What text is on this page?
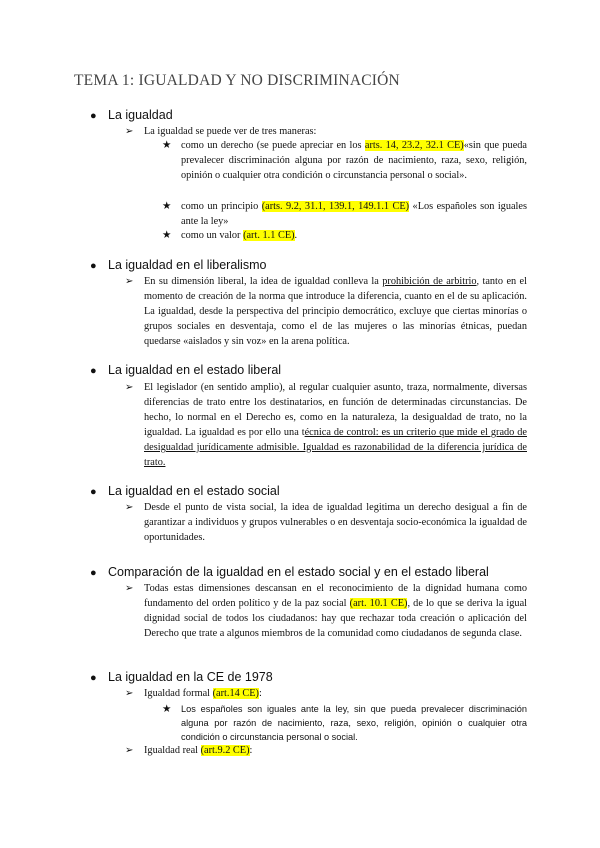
TEMA 1: IGUALDAD Y NO DISCRIMINACIÓN
● La igualdad
➢ La igualdad se puede ver de tres maneras:
★ como un derecho (se puede apreciar en los arts. 14, 23.2, 32.1 CE)«sin que pueda prevalecer discriminación alguna por razón de nacimiento, raza, sexo, religión, opinión o cualquier otra condición o circunstancia personal o social».
★ como un principio (arts. 9.2, 31.1, 139.1, 149.1.1 CE) «Los españoles son iguales ante la ley»
★ como un valor (art. 1.1 CE).
● La igualdad en el liberalismo
➢ En su dimensión liberal, la idea de igualdad conlleva la prohibición de arbitrio, tanto en el momento de creación de la norma que introduce la diferencia, cuanto en el de su aplicación. La igualdad, desde la perspectiva del principio democrático, excluye que ciertas minorías o grupos sociales en desventaja, como el de las mujeres o las minorías étnicas, puedan quedarse «aislados y sin voz» en la arena política.
● La igualdad en el estado liberal
➢ El legislador (en sentido amplio), al regular cualquier asunto, traza, normalmente, diversas diferencias de trato entre los destinatarios, en función de determinadas circunstancias. De hecho, lo normal en el Derecho es, como en la naturaleza, la desigualdad de trato, no la igualdad. La igualdad es por ello una técnica de control: es un criterio que mide el grado de desigualdad jurídicamente admisible. Igualdad es razonabilidad de la diferencia jurídica de trato.
● La igualdad en el estado social
➢ Desde el punto de vista social, la idea de igualdad legitima un derecho desigual a fin de garantizar a individuos y grupos vulnerables o en desventaja socio-económica la igualdad de oportunidades.
● Comparación de la igualdad en el estado social y en el estado liberal
➢ Todas estas dimensiones descansan en el reconocimiento de la dignidad humana como fundamento del orden político y de la paz social (art. 10.1 CE), de lo que se deriva la igual dignidad social de todos los ciudadanos: hay que rechazar toda creación o aplicación del Derecho que trate a algunos miembros de la comunidad como ciudadanos de segunda clase.
● La igualdad en la CE de 1978
➢ Igualdad formal (art.14 CE):
★ Los españoles son iguales ante la ley, sin que pueda prevalecer discriminación alguna por razón de nacimiento, raza, sexo, religión, opinión o cualquier otra condición o circunstancia personal o social.
➢ Igualdad real (art.9.2 CE):
